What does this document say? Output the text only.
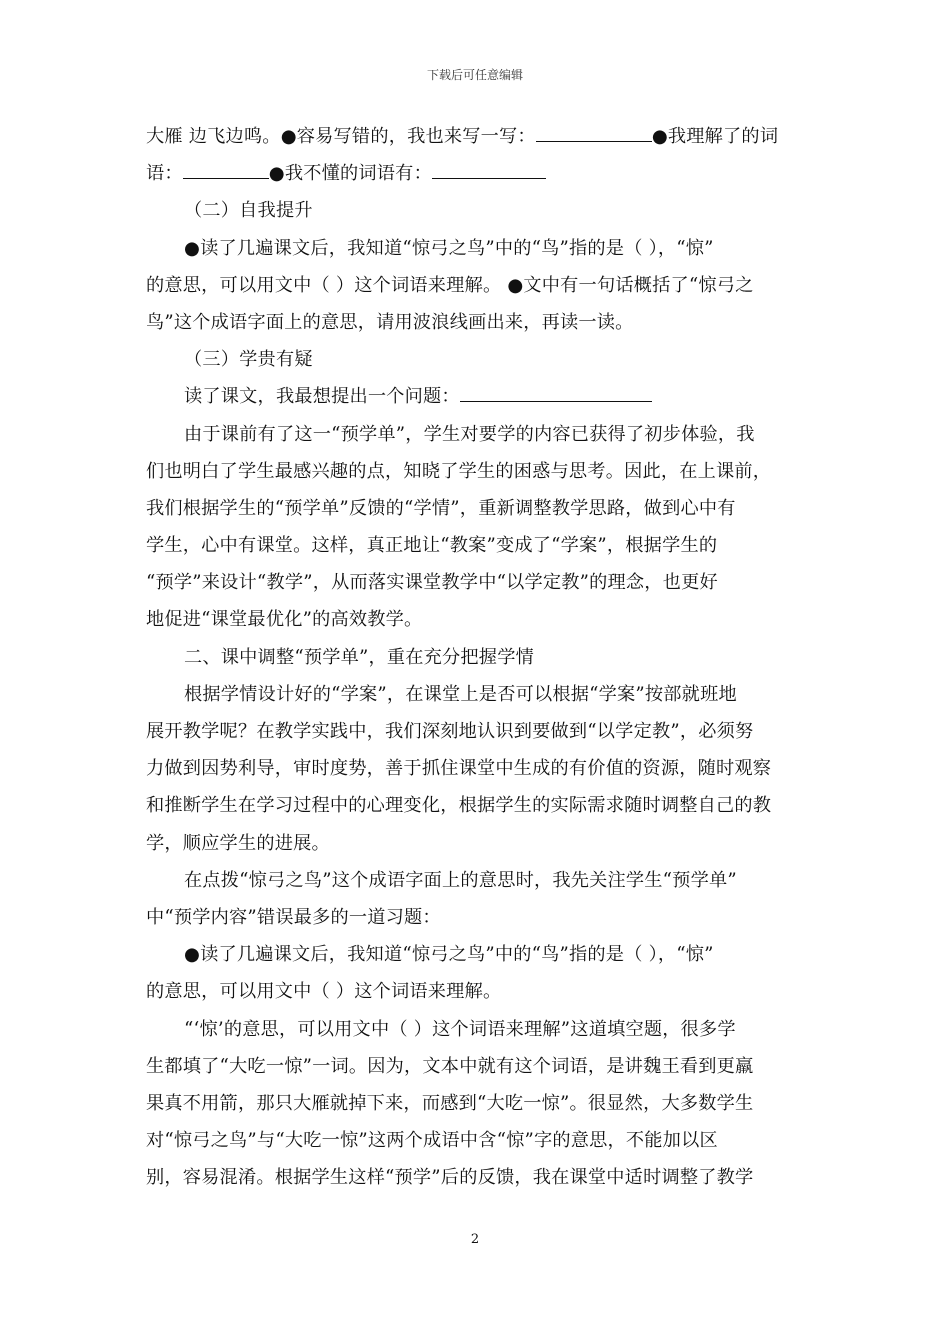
下载后可任意编辑
大雁 边飞边鸣。●容易写错的，我也来写一写：	●我理解了的词
语：	●我不懂的词语有：
（二）自我提升
●读了几遍课文后，我知道“惊弓之鸟”中的“鸟”指的是（ ），“惊”
的意思，可以用文中（ ）这个词语来理解。 ●文中有一句话概括了“惊弓之
鸟”这个成语字面上的意思，请用波浪线画出来，再读一读。
（三）学贵有疑
读了课文，我最想提出一个问题：
由于课前有了这一“预学单”，学生对要学的内容已获得了初步体验，我
们也明白了学生最感兴趣的点，知晓了学生的困惑与思考。因此，在上课前，
我们根据学生的“预学单”反馈的“学情”，重新调整教学思路，做到心中有
学生，心中有课堂。这样，真正地让“教案”变成了“学案”，根据学生的
“预学”来设计“教学”，从而落实课堂教学中“以学定教”的理念，也更好
地促进“课堂最优化”的高效教学。
二、课中调整“预学单”，重在充分把握学情
根据学情设计好的“学案”，在课堂上是否可以根据“学案”按部就班地
展开教学呢？在教学实践中，我们深刻地认识到要做到“以学定教”，必须努
力做到因势利导，审时度势，善于抓住课堂中生成的有价值的资源，随时观察
和推断学生在学习过程中的心理变化，根据学生的实际需求随时调整自己的教
学，顺应学生的进展。
在点拨“惊弓之鸟”这个成语字面上的意思时，我先关注学生“预学单”
中“预学内容”错误最多的一道习题：
●读了几遍课文后，我知道“惊弓之鸟”中的“鸟”指的是（ ），“惊”
的意思，可以用文中（ ）这个词语来理解。
“‘惊’的意思，可以用文中（ ）这个词语来理解”这道填空题，很多学
生都填了“大吃一惊”一词。因为，文本中就有这个词语，是讲魏王看到更羸
果真不用箭，那只大雁就掉下来，而感到“大吃一惊”。很显然，大多数学生
对“惊弓之鸟”与“大吃一惊”这两个成语中含“惊”字的意思，不能加以区
别，容易混淆。根据学生这样“预学”后的反馈，我在课堂中适时调整了教学
2
